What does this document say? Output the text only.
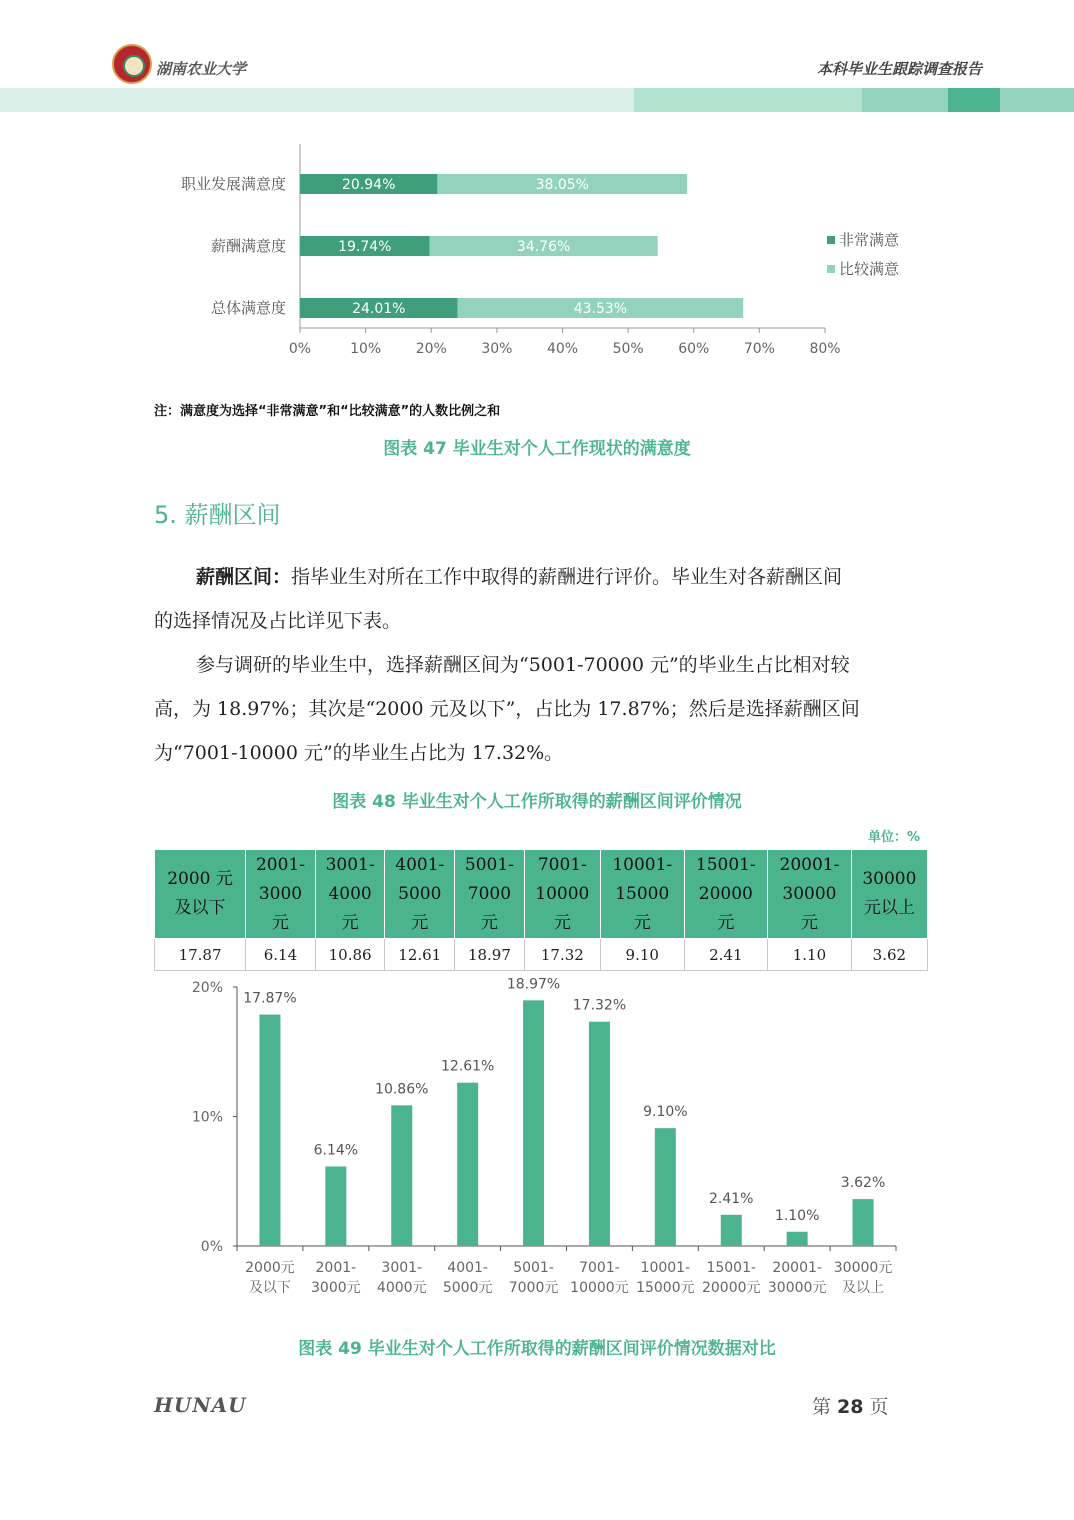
湖南农业大学	本科毕业生跟踪调查报告
0%	10% 20% 30% 40% 50% 60% 70% 80%
职业发展满意度	20.94%	38.05%
薪酬满意度	19.74%	34.76%
总体满意度	24.01%	43.53%
非常满意
比较满意
注：满意度为选择“非常满意”和“比较满意”的人数比例之和
图表 47 毕业生对个人工作现状的满意度
5. 薪酬区间
薪酬区间：指毕业生对所在工作中取得的薪酬进行评价。毕业生对各薪酬区间
的选择情况及占比详见下表。
参与调研的毕业生中，选择薪酬区间为“5001-70000 元”的毕业生占比相对较
高，为 18.97%；其次是“2000 元及以下”，占比为 17.87%；然后是选择薪酬区间
为“7001-10000 元”的毕业生占比为 17.32%。
图表 48 毕业生对个人工作所取得的薪酬区间评价情况
单位：%
2000 元
及以下	2001-
3000
元	3001-
4000
元	4001-
5000
元	5001-
7000
元	7001-
10000
元	10001-
15000
元	15001-
20000
元	20001-
30000
元	30000
元以上
17.87	6.14	10.86	12.61	18.97	17.32	9.10	2.41	1.10	3.62
0%
10%
20%
17.87%
2000元
及以下
6.14%
2001-
3000元
10.86%
3001-
4000元
12.61%
4001-
5000元
18.97%
5001-
7000元
17.32%
7001-
10000元
9.10%
10001-
15000元
2.41%
15001-
20000元
1.10%
20001-
30000元
3.62%
30000元
及以上
图表 49 毕业生对个人工作所取得的薪酬区间评价情况数据对比
HUNAU	第 28 页
